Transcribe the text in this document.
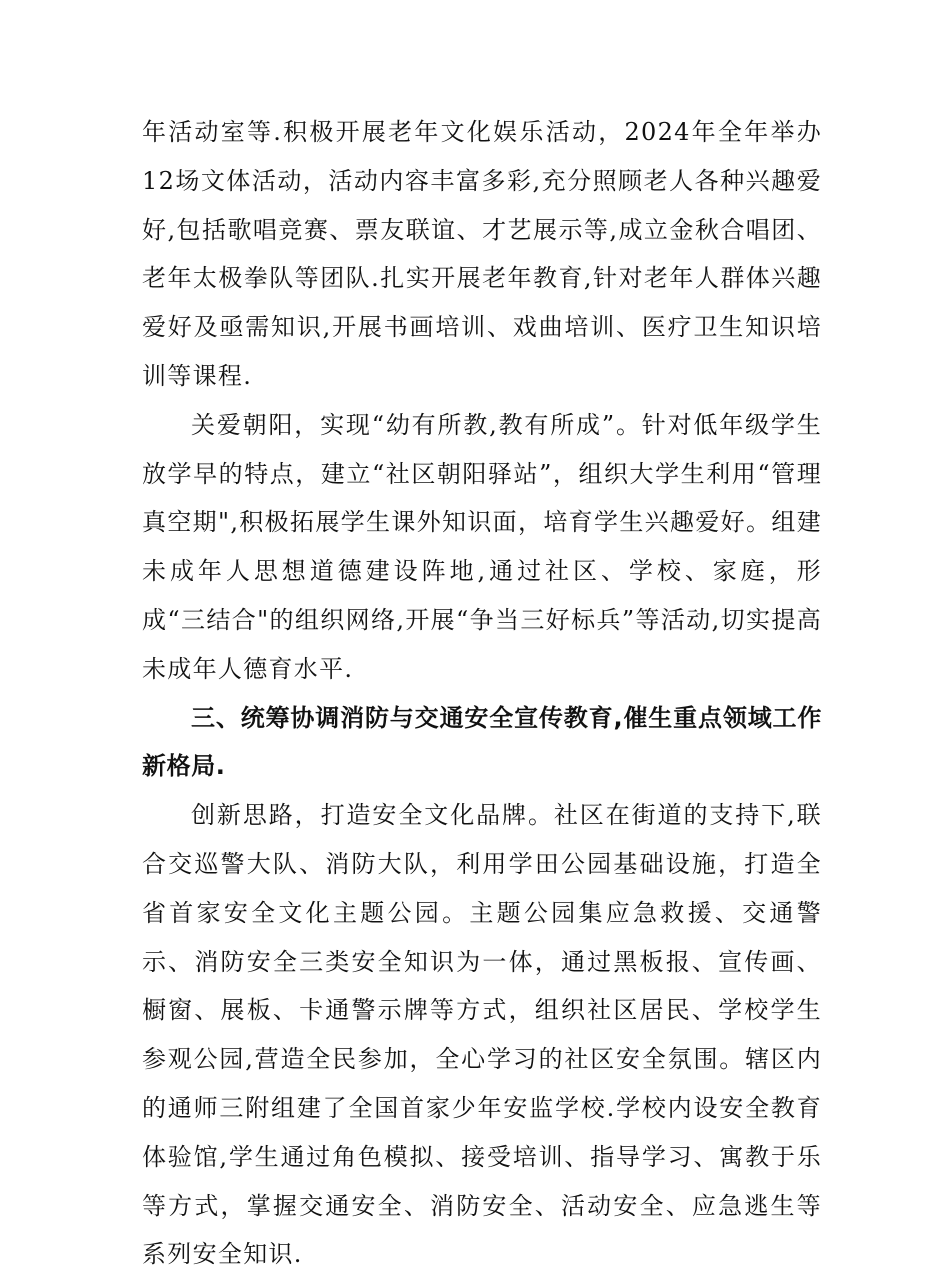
年活动室等.积极开展老年文化娱乐活动，2024年全年举办12场文体活动，活动内容丰富多彩,充分照顾老人各种兴趣爱好,包括歌唱竞赛、票友联谊、才艺展示等,成立金秋合唱团、老年太极拳队等团队.扎实开展老年教育,针对老年人群体兴趣爱好及亟需知识,开展书画培训、戏曲培训、医疗卫生知识培训等课程.

关爱朝阳，实现“幼有所教,教有所成”。针对低年级学生放学早的特点，建立“社区朝阳驿站”，组织大学生利用“管理真空期",积极拓展学生课外知识面，培育学生兴趣爱好。组建未成年人思想道德建设阵地,通过社区、学校、家庭，形成“三结合"的组织网络,开展“争当三好标兵”等活动,切实提高未成年人德育水平.

三、统筹协调消防与交通安全宣传教育,催生重点领域工作新格局.

创新思路，打造安全文化品牌。社区在街道的支持下,联合交巡警大队、消防大队，利用学田公园基础设施，打造全省首家安全文化主题公园。主题公园集应急救援、交通警示、消防安全三类安全知识为一体，通过黑板报、宣传画、橱窗、展板、卡通警示牌等方式，组织社区居民、学校学生参观公园,营造全民参加，全心学习的社区安全氛围。辖区内的通师三附组建了全国首家少年安监学校.学校内设安全教育体验馆,学生通过角色模拟、接受培训、指导学习、寓教于乐等方式，掌握交通安全、消防安全、活动安全、应急逃生等系列安全知识.
